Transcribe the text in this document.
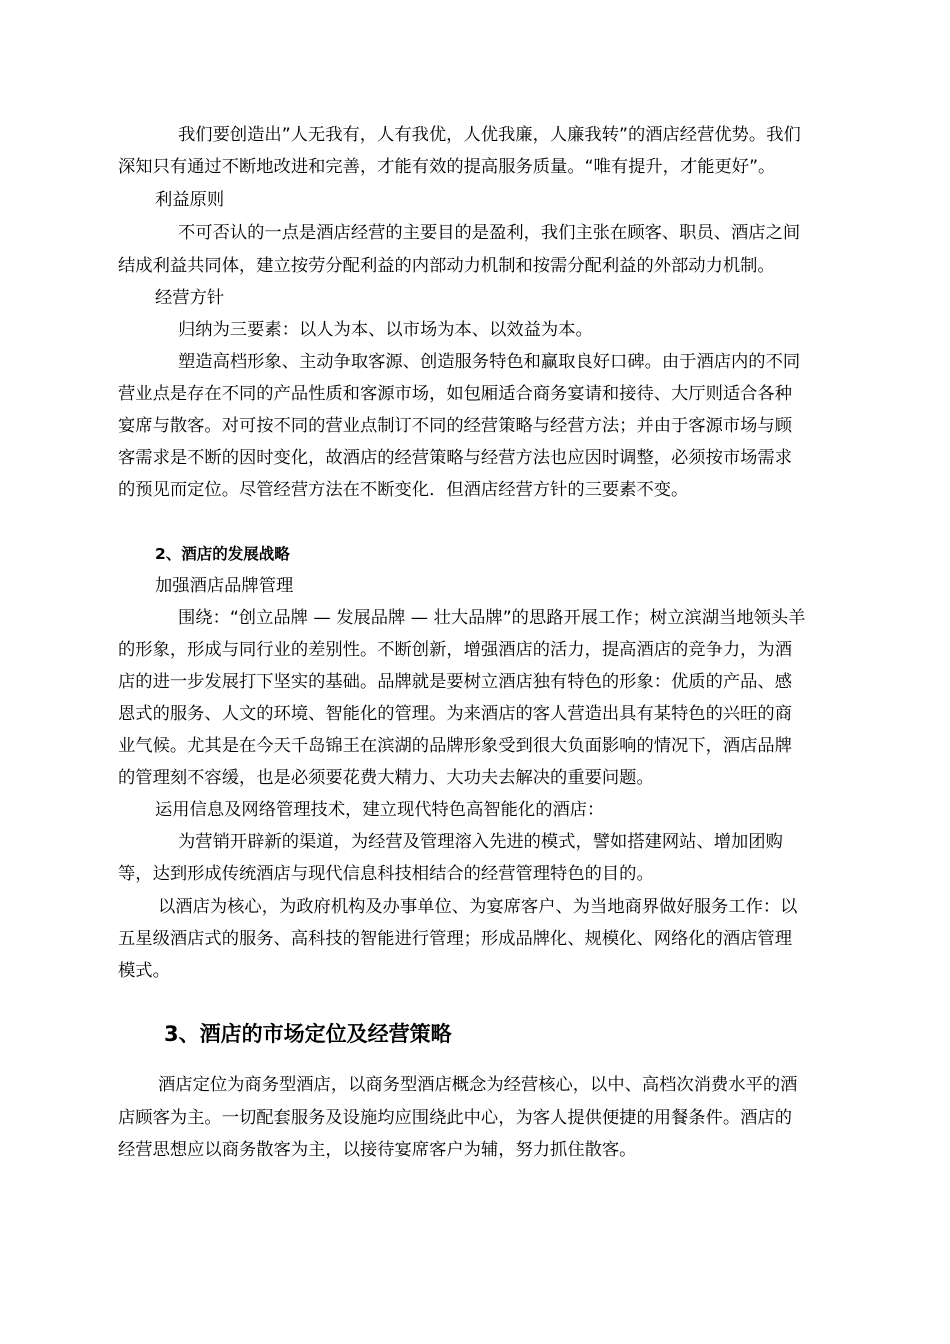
我们要创造出”人无我有，人有我优，人优我廉，人廉我转”的酒店经营优势。我们
深知只有通过不断地改进和完善，才能有效的提高服务质量。“唯有提升，才能更好”。
利益原则
不可否认的一点是酒店经营的主要目的是盈利，我们主张在顾客、职员、酒店之间
结成利益共同体，建立按劳分配利益的内部动力机制和按需分配利益的外部动力机制。
经营方针
归纳为三要素：以人为本、以市场为本、以效益为本。
塑造高档形象、主动争取客源、创造服务特色和赢取良好口碑。由于酒店内的不同
营业点是存在不同的产品性质和客源市场，如包厢适合商务宴请和接待、大厅则适合各种
宴席与散客。对可按不同的营业点制订不同的经营策略与经营方法；并由于客源市场与顾
客需求是不断的因时变化，故酒店的经营策略与经营方法也应因时调整，必须按市场需求
的预见而定位。尽管经营方法在不断变化．但酒店经营方针的三要素不变。
2、酒店的发展战略
加强酒店品牌管理
围绕：“创立品牌 — 发展品牌 — 壮大品牌”的思路开展工作；树立滨湖当地领头羊
的形象，形成与同行业的差别性。不断创新，增强酒店的活力，提高酒店的竞争力，为酒
店的进一步发展打下坚实的基础。品牌就是要树立酒店独有特色的形象：优质的产品、感
恩式的服务、人文的环境、智能化的管理。为来酒店的客人营造出具有某特色的兴旺的商
业气候。尤其是在今天千岛锦王在滨湖的品牌形象受到很大负面影响的情况下，酒店品牌
的管理刻不容缓，也是必须要花费大精力、大功夫去解决的重要问题。
运用信息及网络管理技术，建立现代特色高智能化的酒店：
为营销开辟新的渠道，为经营及管理溶入先进的模式，譬如搭建网站、增加团购
等，达到形成传统酒店与现代信息科技相结合的经营管理特色的目的。
以酒店为核心，为政府机构及办事单位、为宴席客户、为当地商界做好服务工作：以
五星级酒店式的服务、高科技的智能进行管理；形成品牌化、规模化、网络化的酒店管理
模式。
3、酒店的市场定位及经营策略
酒店定位为商务型酒店，以商务型酒店概念为经营核心，以中、高档次消费水平的酒
店顾客为主。一切配套服务及设施均应围绕此中心，为客人提供便捷的用餐条件。酒店的
经营思想应以商务散客为主，以接待宴席客户为辅，努力抓住散客。
